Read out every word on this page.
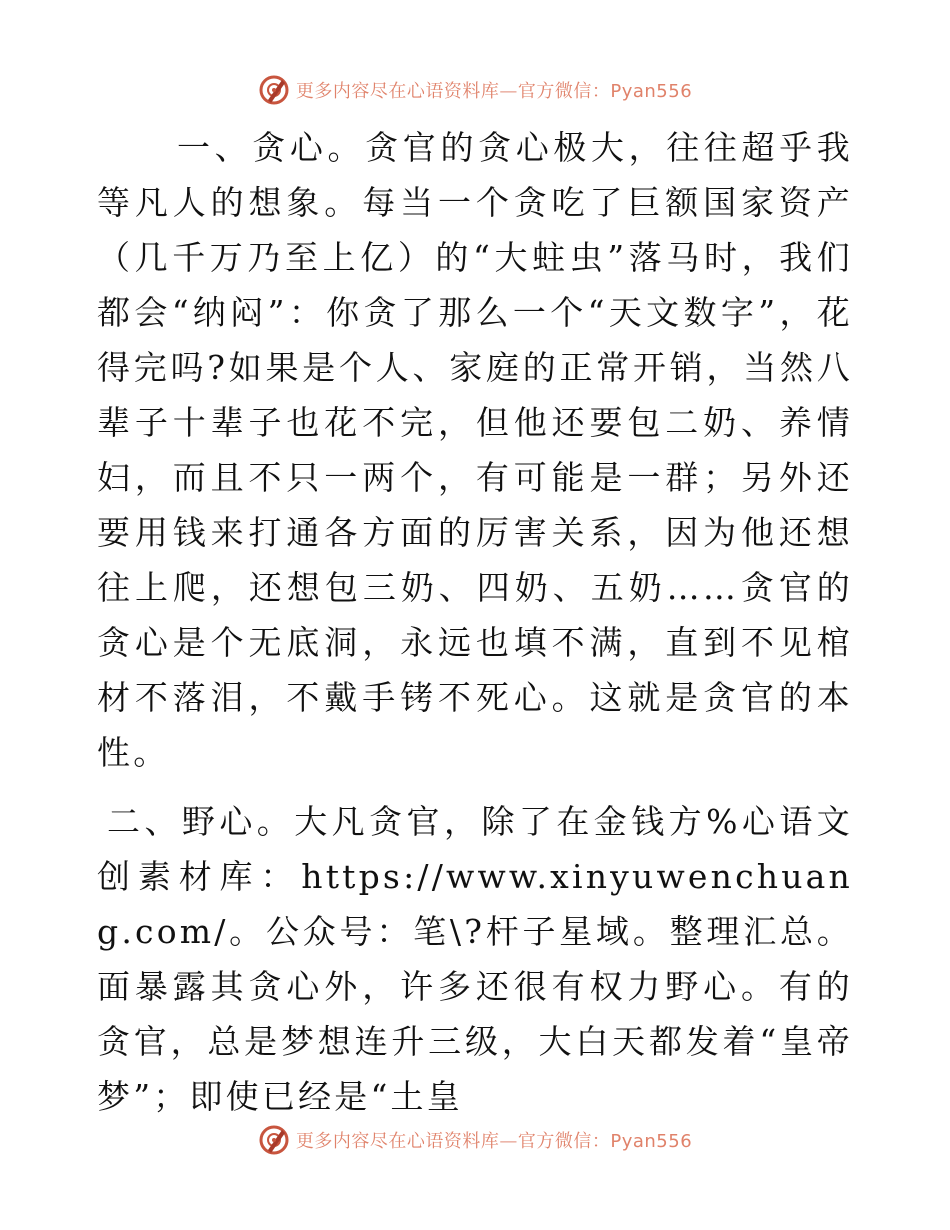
更多内容尽在心语资料库—官方微信：Pyan556

一、贪心。贪官的贪心极大，往往超乎我等凡人的想象。每当一个贪吃了巨额国家资产（几千万乃至上亿）的“大蛀虫”落马时，我们都会“纳闷”：你贪了那么一个“天文数字”，花得完吗?如果是个人、家庭的正常开销，当然八辈子十辈子也花不完，但他还要包二奶、养情妇，而且不只一两个，有可能是一群；另外还要用钱来打通各方面的厉害关系，因为他还想往上爬，还想包三奶、四奶、五奶……贪官的贪心是个无底洞，永远也填不满，直到不见棺材不落泪，不戴手铐不死心。这就是贪官的本性。

二、野心。大凡贪官，除了在金钱方%心语文创素材库：https://www.xinyuwenchuang.com/。公众号：笔\?杆子星域。整理汇总。面暴露其贪心外，许多还很有权力野心。有的贪官，总是梦想连升三级，大白天都发着“皇帝梦”；即使已经是“土皇

更多内容尽在心语资料库—官方微信：Pyan556
